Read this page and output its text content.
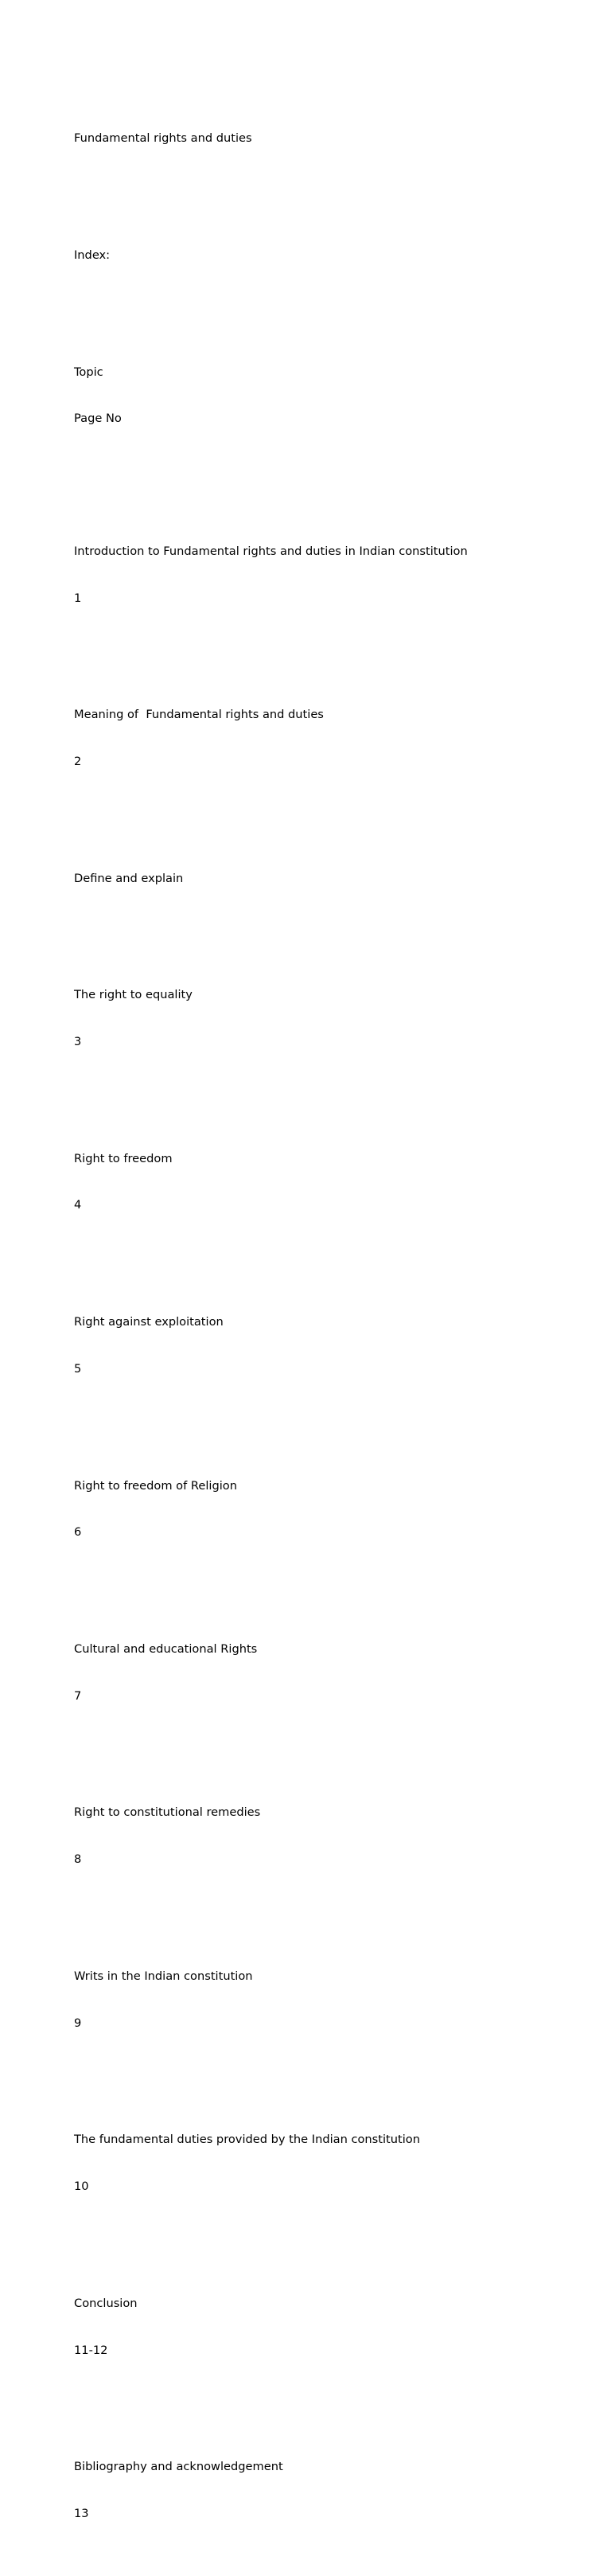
Fundamental rights and duties

Index:

Topic

Page No

Introduction to Fundamental rights and duties in Indian constitution

1

Meaning of  Fundamental rights and duties

2

Define and explain

The right to equality

3

Right to freedom

4

Right against exploitation

5

Right to freedom of Religion

6

Cultural and educational Rights

7

Right to constitutional remedies

8

Writs in the Indian constitution

9

The fundamental duties provided by the Indian constitution

10

Conclusion

11-12

Bibliography and acknowledgement

13
